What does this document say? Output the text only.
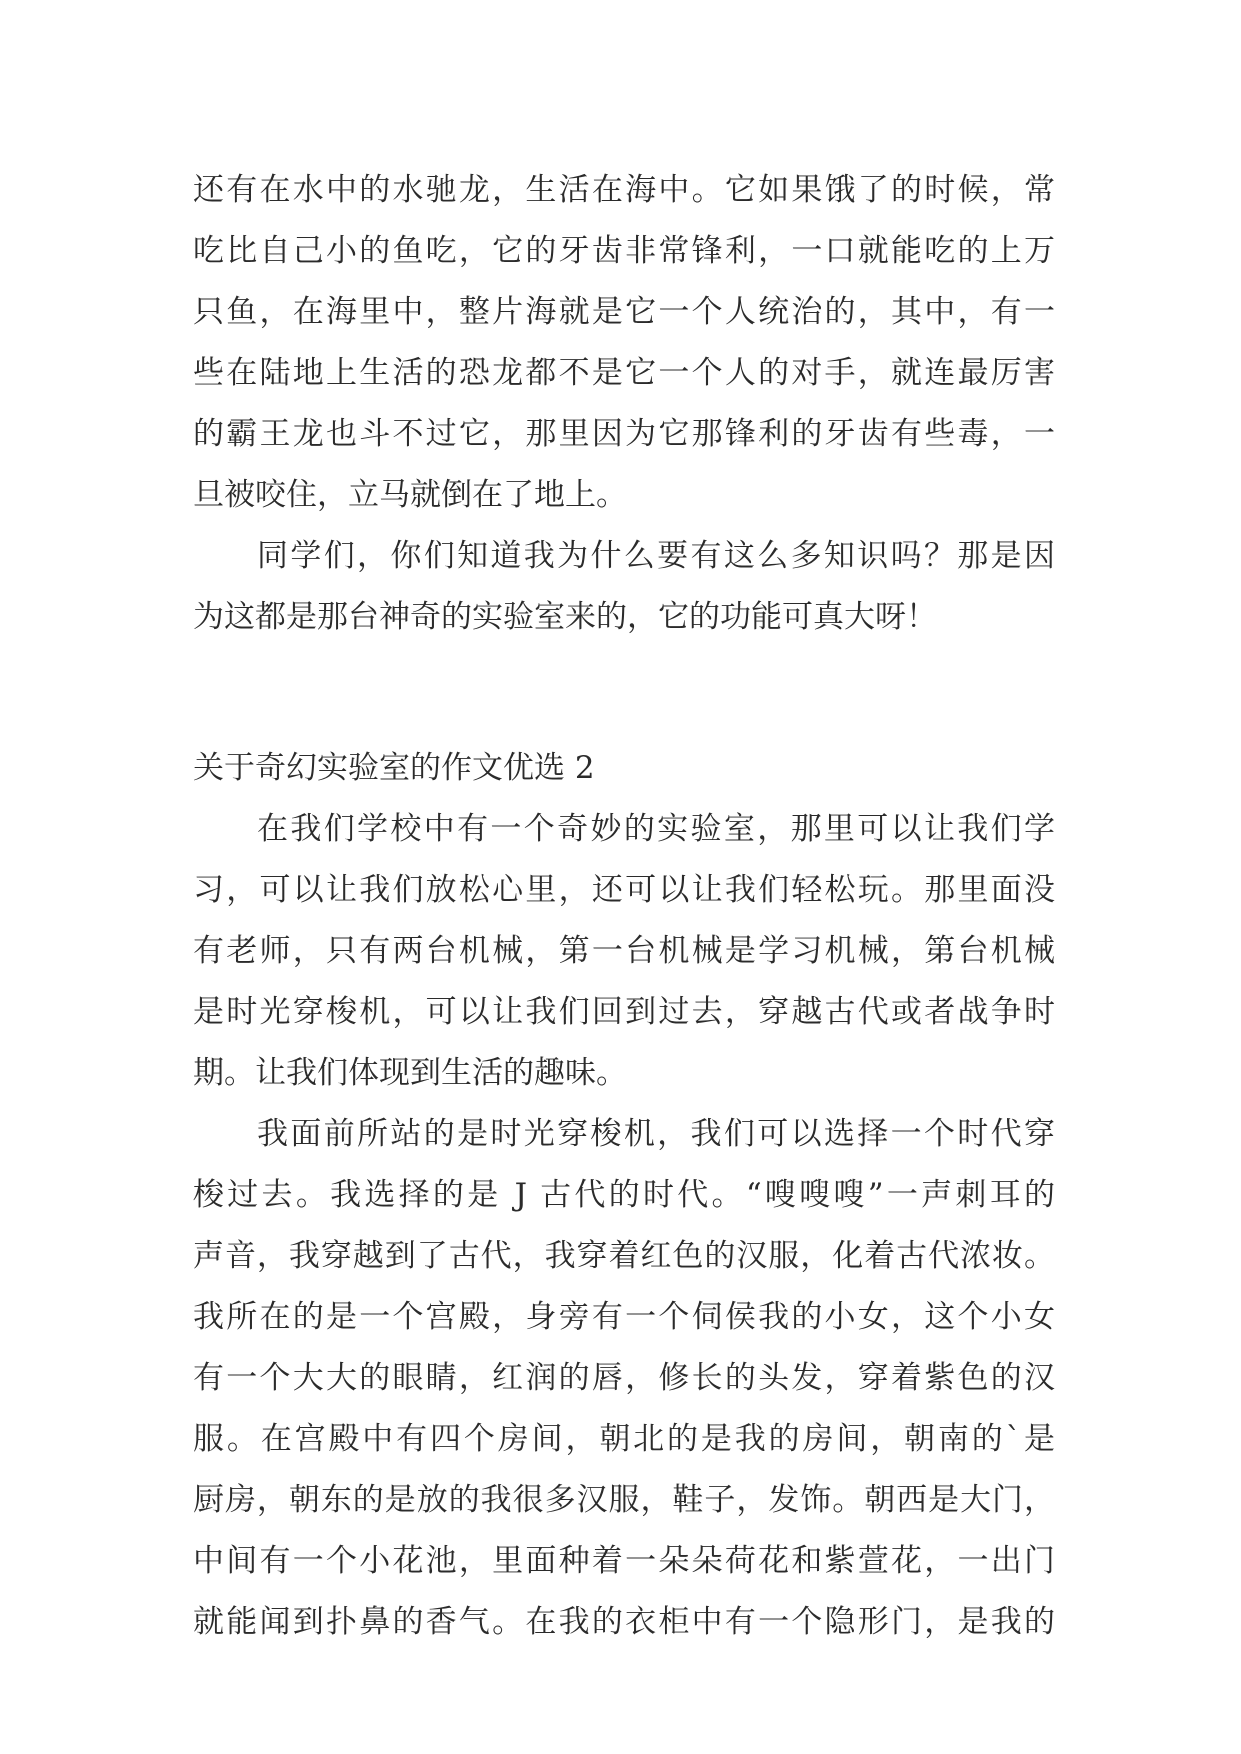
还有在水中的水驰龙，生活在海中。它如果饿了的时候，常
吃比自己小的鱼吃，它的牙齿非常锋利，一口就能吃的上万
只鱼，在海里中，整片海就是它一个人统治的，其中，有一
些在陆地上生活的恐龙都不是它一个人的对手，就连最厉害
的霸王龙也斗不过它，那里因为它那锋利的牙齿有些毒，一
旦被咬住，立马就倒在了地上。
同学们，你们知道我为什么要有这么多知识吗？那是因
为这都是那台神奇的实验室来的，它的功能可真大呀！
关于奇幻实验室的作文优选 2
在我们学校中有一个奇妙的实验室，那里可以让我们学
习，可以让我们放松心里，还可以让我们轻松玩。那里面没
有老师，只有两台机械，第一台机械是学习机械，第台机械
是时光穿梭机，可以让我们回到过去，穿越古代或者战争时
期。让我们体现到生活的趣味。
我面前所站的是时光穿梭机，我们可以选择一个时代穿
梭过去。我选择的是 J 古代的时代。“嗖嗖嗖”一声刺耳的
声音，我穿越到了古代，我穿着红色的汉服，化着古代浓妆。
我所在的是一个宫殿，身旁有一个伺侯我的小女，这个小女
有一个大大的眼睛，红润的唇，修长的头发，穿着紫色的汉
服。在宫殿中有四个房间，朝北的是我的房间，朝南的`是
厨房，朝东的是放的我很多汉服，鞋子，发饰。朝西是大门，
中间有一个小花池，里面种着一朵朵荷花和紫萱花，一出门
就能闻到扑鼻的香气。在我的衣柜中有一个隐形门，是我的
